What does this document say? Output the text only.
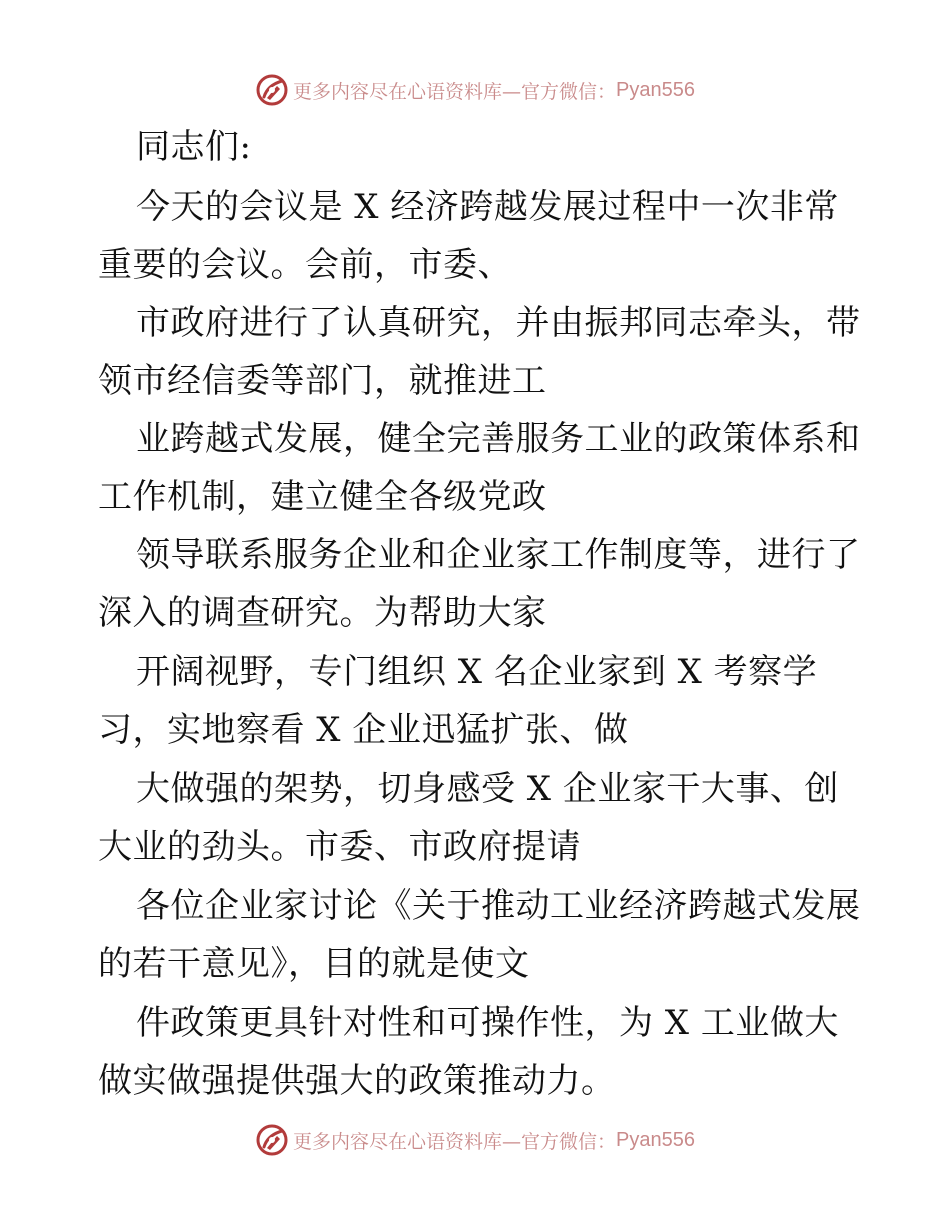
更多内容尽在心语资料库—官方微信： Pyan556
同志们:
今天的会议是 X 经济跨越发展过程中一次非常
重要的会议。会前，市委、
市政府进行了认真研究，并由振邦同志牵头，带
领市经信委等部门，就推进工
业跨越式发展，健全完善服务工业的政策体系和
工作机制，建立健全各级党政
领导联系服务企业和企业家工作制度等，进行了
深入的调查研究。为帮助大家
开阔视野，专门组织 X 名企业家到 X 考察学
习，实地察看 X 企业迅猛扩张、做
大做强的架势，切身感受 X 企业家干大事、创
大业的劲头。市委、市政府提请
各位企业家讨论《关于推动工业经济跨越式发展
的若干意见》，目的就是使文
件政策更具针对性和可操作性，为 X 工业做大
做实做强提供强大的政策推动力。
更多内容尽在心语资料库—官方微信： Pyan556
